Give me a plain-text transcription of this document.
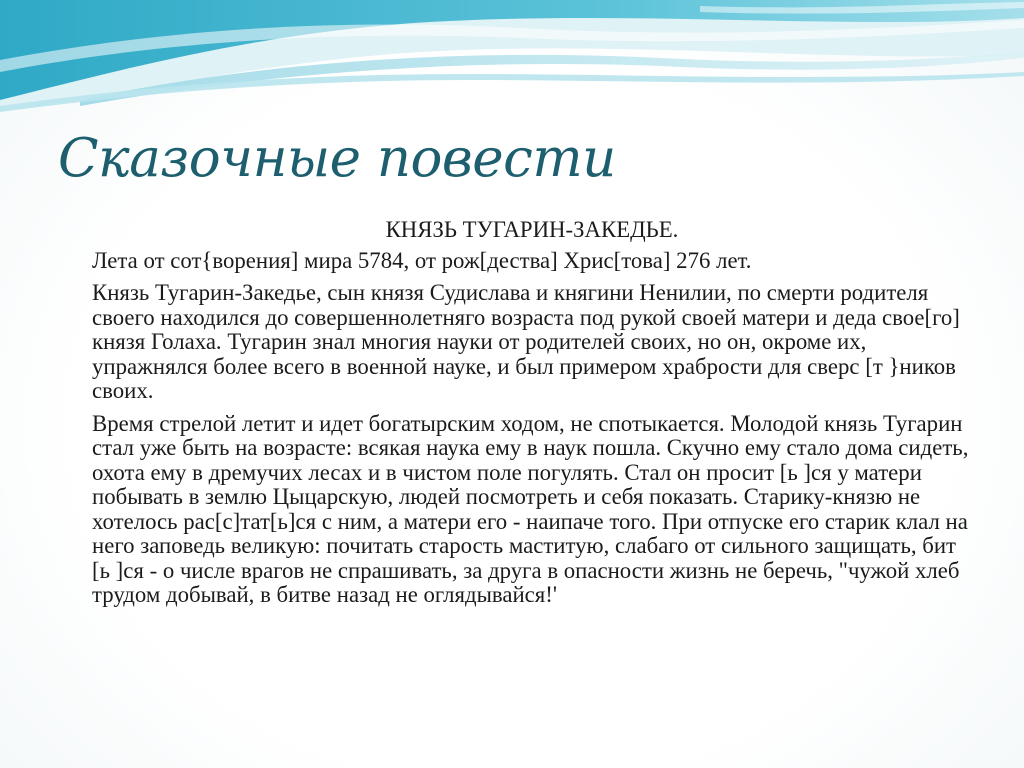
Сказочные повести

КНЯЗЬ ТУГАРИН-ЗАКЕДЬЕ.

Лета от сот{ворения] мира 5784, от рож[дества] Хрис[това] 276 лет.

Князь Тугарин-Закедье, сын князя Судислава и княгини Ненилии, по смерти родителя своего находился до совершеннолетняго возраста под рукой своей матери и деда свое[го] князя Голаха. Тугарин знал многия науки от родителей своих, но он, окроме их, упражнялся более всего в военной науке, и был примером храбрости для сверс [т }ников своих.

Время стрелой летит и идет богатырским ходом, не спотыкается. Молодой князь Тугарин стал уже быть на возрасте: всякая наука ему в наук пошла. Скучно ему стало дома сидеть, охота ему в дремучих лесах и в чистом поле погулять. Стал он просит [ь ]ся у матери побывать в землю Цыцарскую, людей посмотреть и себя показать. Старику-князю не хотелось рас[с]тат[ь]ся с ним, а матери его - наипаче того. При отпуске его старик клал на него заповедь великую: почитать старость маститую, слабаго от сильного защищать, бит [ь ]ся - о числе врагов не спрашивать, за друга в опасности жизнь не беречь, "чужой хлеб трудом добывай, в битве назад не оглядывайся!'
